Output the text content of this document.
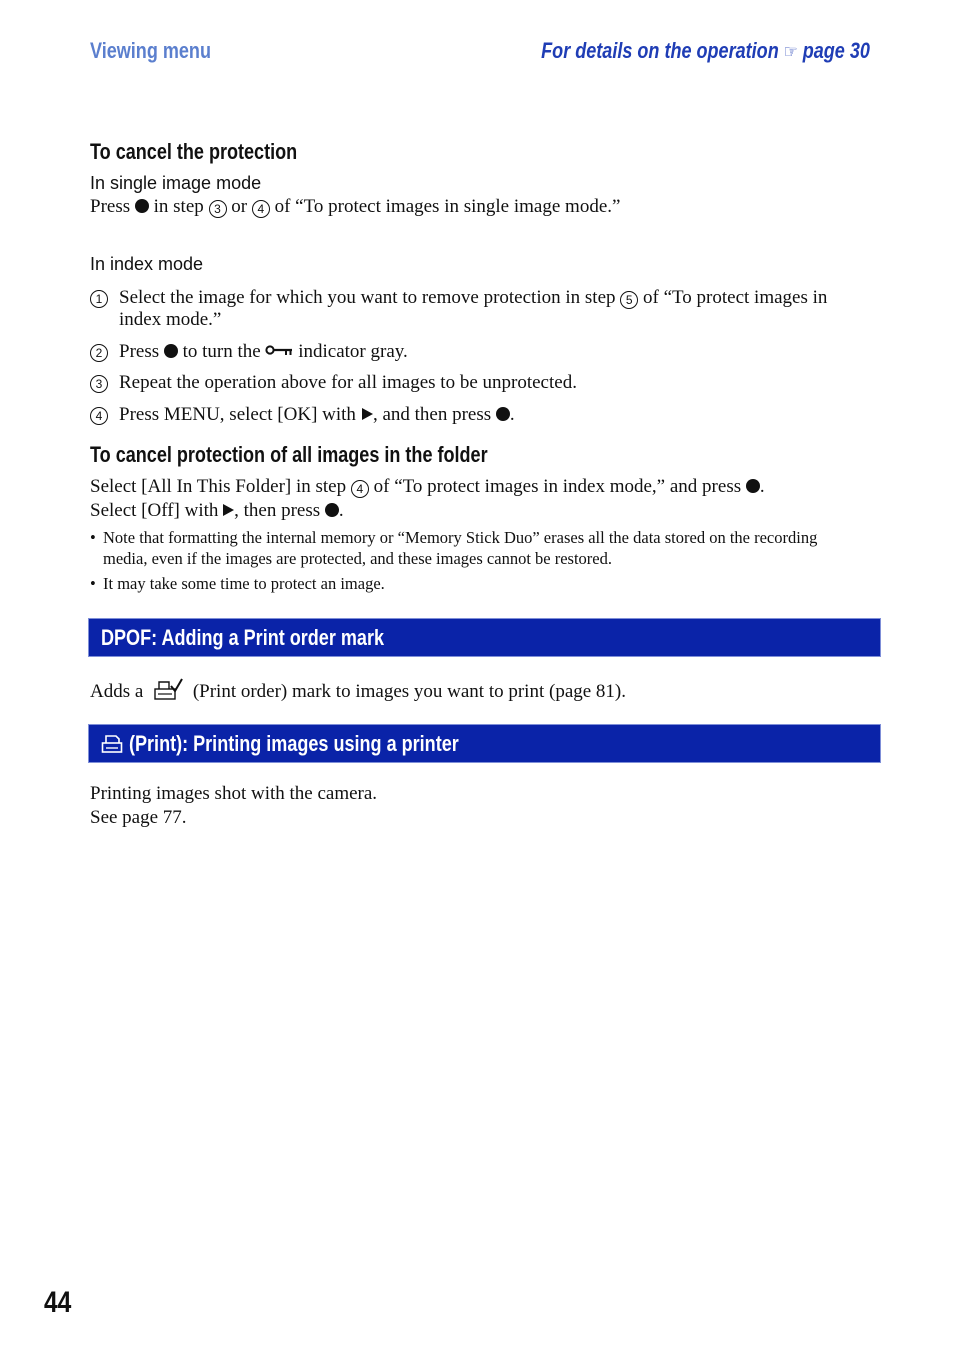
Viewing menu	For details on the operation ☞ page 30
To cancel the protection
In single image mode
Press in step 3 or 4 of “To protect images in single image mode.”
In index mode
1 Select the image for which you want to remove protection in step 5 of “To protect images in index mode.”
2 Press to turn the indicator gray.
3 Repeat the operation above for all images to be unprotected.
4 Press MENU, select [OK] with , and then press .
To cancel protection of all images in the folder
Select [All In This Folder] in step 4 of “To protect images in index mode,” and press .
Select [Off] with , then press .
• Note that formatting the internal memory or “Memory Stick Duo” erases all the data stored on the recording media, even if the images are protected, and these images cannot be restored.
• It may take some time to protect an image.
DPOF: Adding a Print order mark
Adds a	(Print order) mark to images you want to print (page 81).
(Print): Printing images using a printer
Printing images shot with the camera.
See page 77.
44
